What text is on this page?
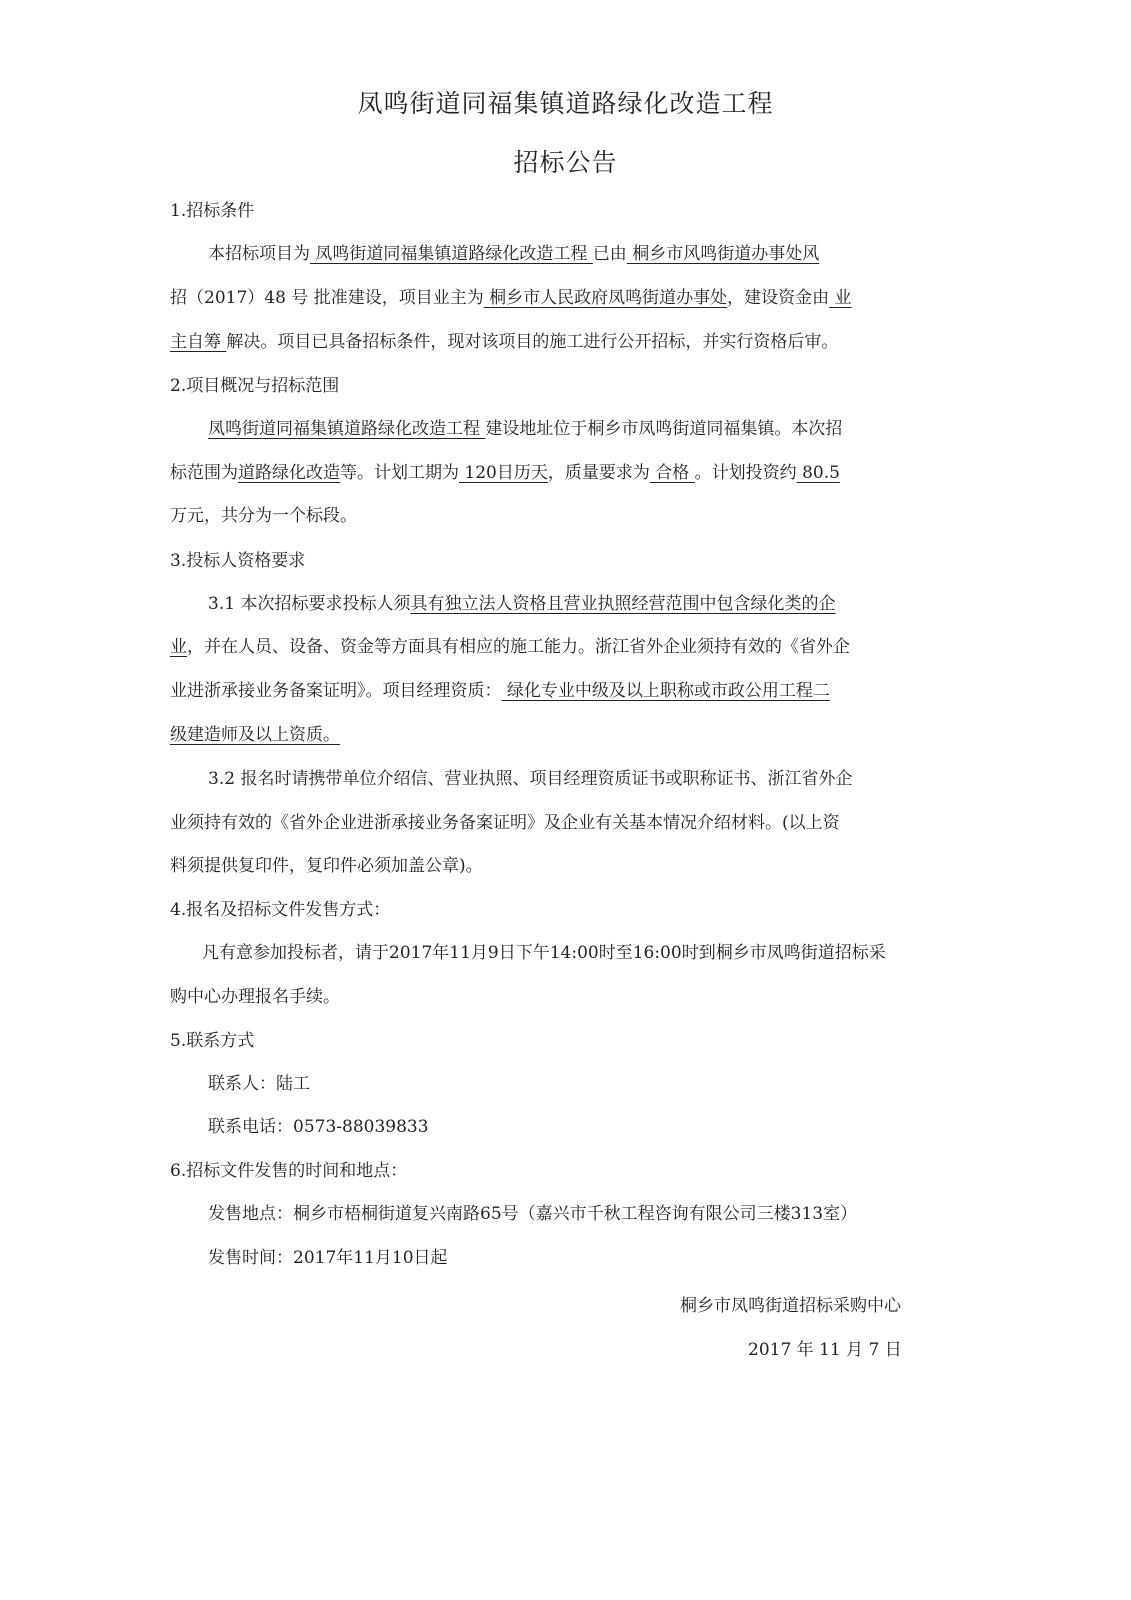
凤鸣街道同福集镇道路绿化改造工程
招标公告
1.招标条件
本招标项目为 凤鸣街道同福集镇道路绿化改造工程 已由 桐乡市风鸣街道办事处风
招（2017）48 号 批准建设，项目业主为 桐乡市人民政府凤鸣街道办事处，建设资金由 业
主自筹 解决。项目已具备招标条件，现对该项目的施工进行公开招标，并实行资格后审。
2.项目概况与招标范围
凤鸣街道同福集镇道路绿化改造工程 建设地址位于桐乡市凤鸣街道同福集镇。本次招
标范围为道路绿化改造等。计划工期为 120日历天，质量要求为 合格 。计划投资约 80.5
万元，共分为一个标段。
3.投标人资格要求
3.1 本次招标要求投标人须具有独立法人资格且营业执照经营范围中包含绿化类的企
业，并在人员、设备、资金等方面具有相应的施工能力。浙江省外企业须持有效的《省外企
业进浙承接业务备案证明》。项目经理资质： 绿化专业中级及以上职称或市政公用工程二
级建造师及以上资质。
3.2 报名时请携带单位介绍信、营业执照、项目经理资质证书或职称证书、浙江省外企
业须持有效的《省外企业进浙承接业务备案证明》及企业有关基本情况介绍材料。(以上资
料须提供复印件，复印件必须加盖公章)。
4.报名及招标文件发售方式：
凡有意参加投标者，请于2017年11月9日下午14:00时至16:00时到桐乡市凤鸣街道招标采
购中心办理报名手续。
5.联系方式
联系人：陆工
联系电话：0573-88039833
6.招标文件发售的时间和地点：
发售地点：桐乡市梧桐街道复兴南路65号（嘉兴市千秋工程咨询有限公司三楼313室）
发售时间：2017年11月10日起
桐乡市凤鸣街道招标采购中心
2017 年 11 月 7 日
